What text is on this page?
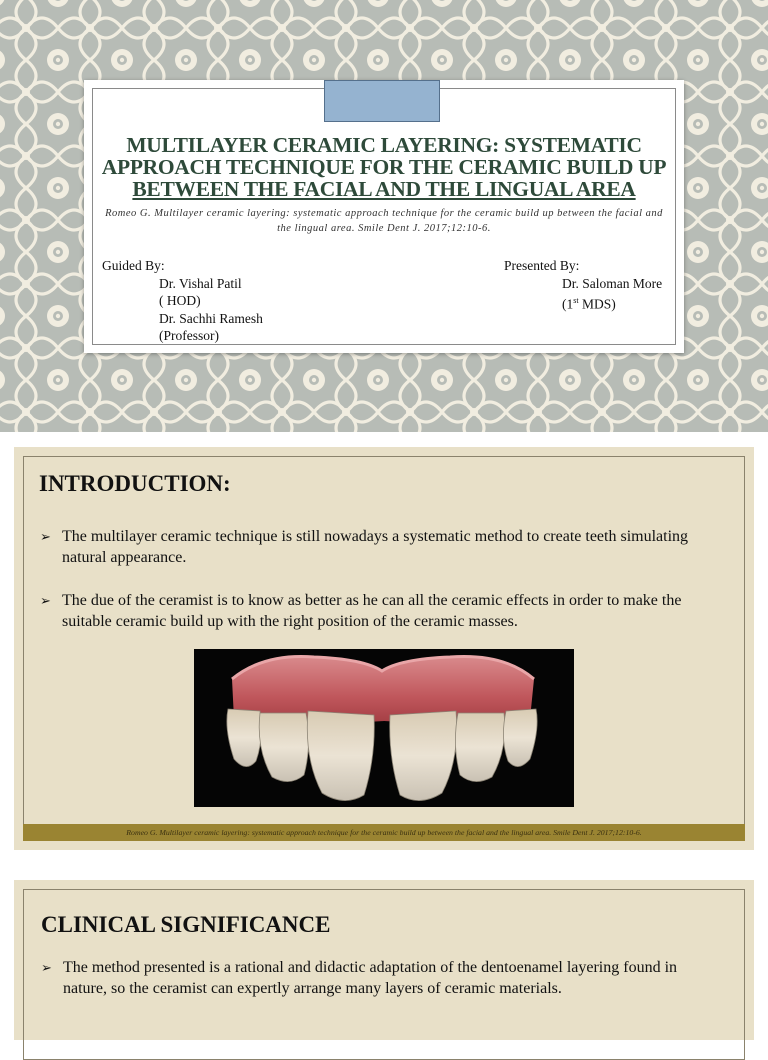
MULTILAYER CERAMIC LAYERING: SYSTEMATIC
APPROACH TECHNIQUE FOR THE CERAMIC BUILD UP
BETWEEN THE FACIAL AND THE LINGUAL AREA
Romeo G. Multilayer ceramic layering: systematic approach technique for the ceramic build up between the facial and the lingual area. Smile Dent J. 2017;12:10-6.
Guided By:
Dr. Vishal Patil
( HOD)
Dr. Sachhi Ramesh
(Professor)
Presented By:
Dr. Saloman More
(1st MDS)
INTRODUCTION:
➢ The multilayer ceramic technique is still nowadays a systematic method to create teeth simulating natural appearance.
➢ The due of the ceramist is to know as better as he can all the ceramic effects in order to make the suitable ceramic build up with the right position of the ceramic masses.
Romeo G. Multilayer ceramic layering: systematic approach technique for the ceramic build up between the facial and the lingual area. Smile Dent J. 2017;12:10-6.
CLINICAL SIGNIFICANCE
➢ The method presented is a rational and didactic adaptation of the dentoenamel layering found in nature, so the ceramist can expertly arrange many layers of ceramic materials.
